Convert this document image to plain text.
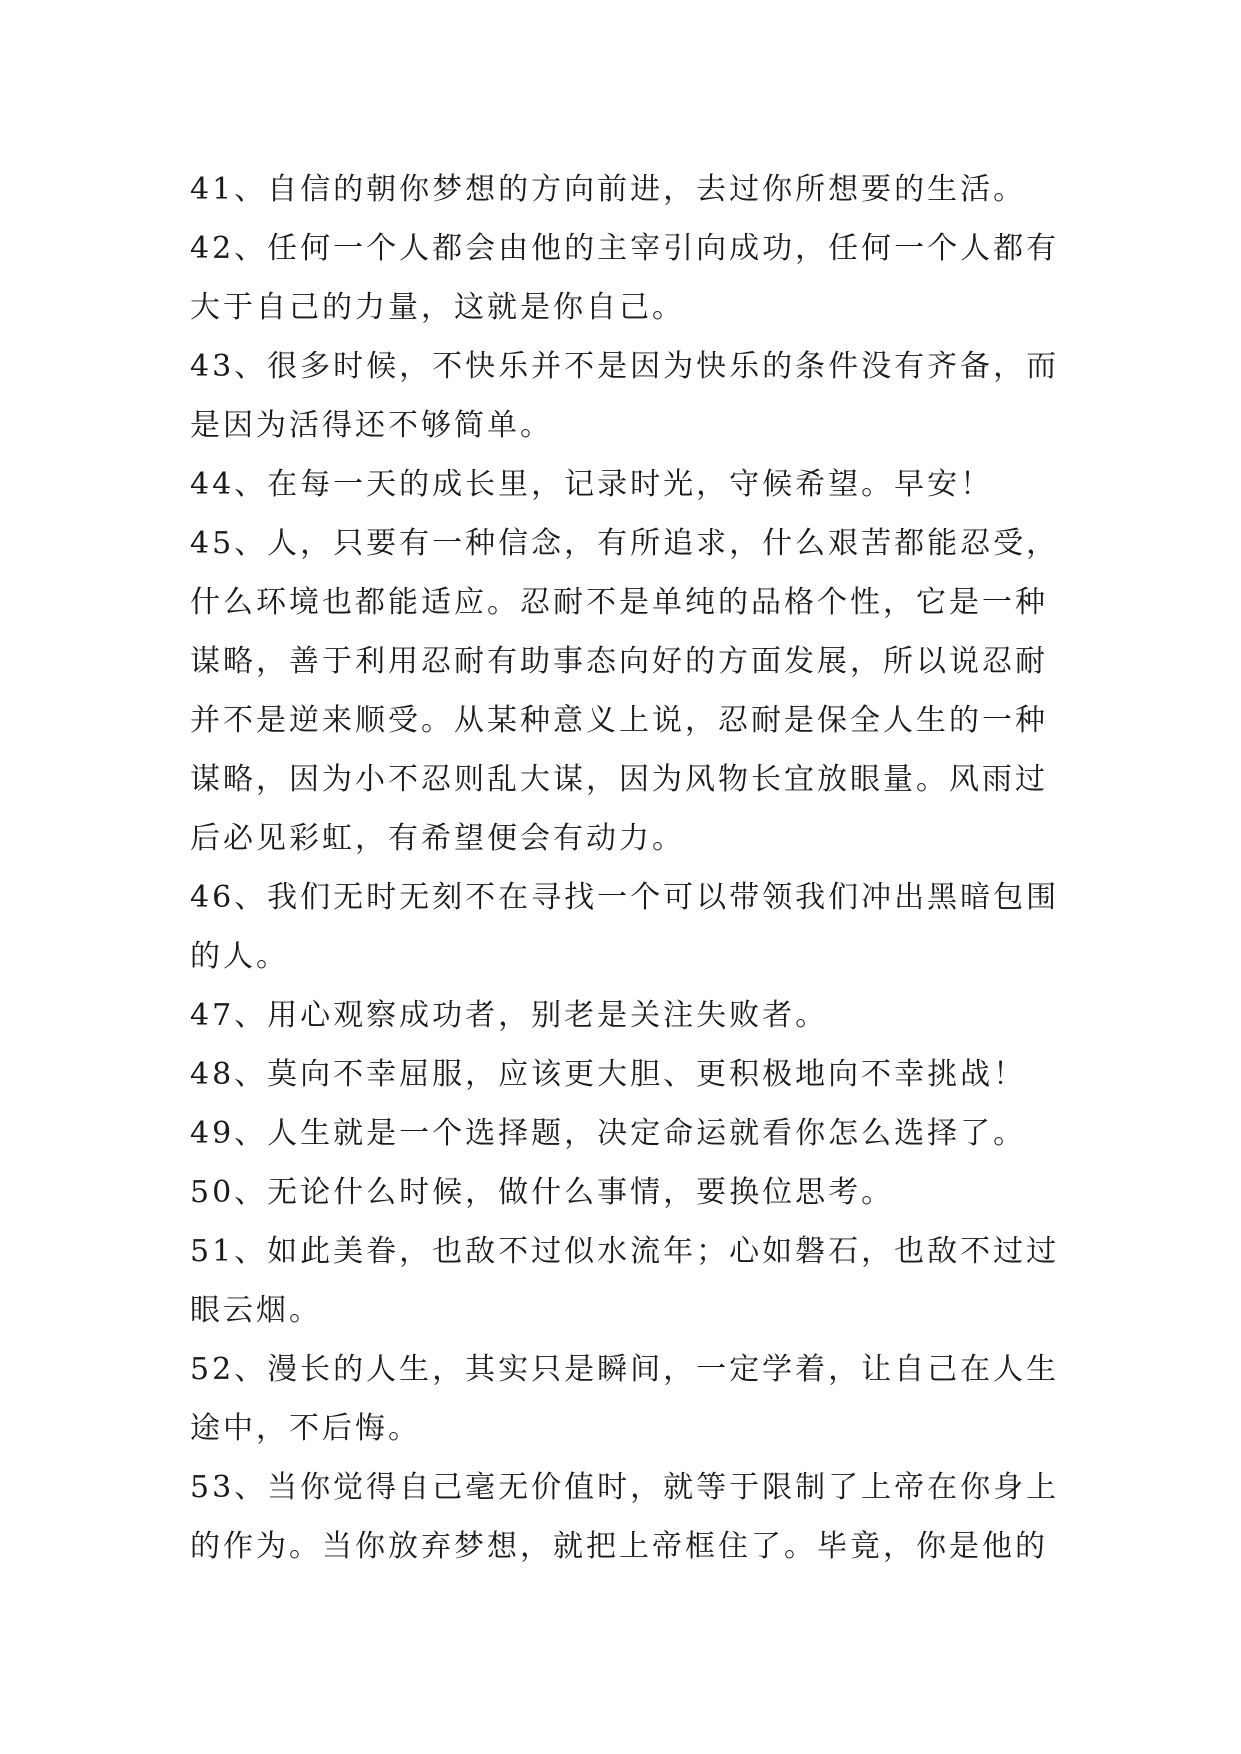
41、自信的朝你梦想的方向前进，去过你所想要的生活。
42、任何一个人都会由他的主宰引向成功，任何一个人都有
大于自己的力量，这就是你自己。
43、很多时候，不快乐并不是因为快乐的条件没有齐备，而
是因为活得还不够简单。
44、在每一天的成长里，记录时光，守候希望。早安！
45、人，只要有一种信念，有所追求，什么艰苦都能忍受，
什么环境也都能适应。忍耐不是单纯的品格个性，它是一种
谋略，善于利用忍耐有助事态向好的方面发展，所以说忍耐
并不是逆来顺受。从某种意义上说，忍耐是保全人生的一种
谋略，因为小不忍则乱大谋，因为风物长宜放眼量。风雨过
后必见彩虹，有希望便会有动力。
46、我们无时无刻不在寻找一个可以带领我们冲出黑暗包围
的人。
47、用心观察成功者，别老是关注失败者。
48、莫向不幸屈服，应该更大胆、更积极地向不幸挑战！
49、人生就是一个选择题，决定命运就看你怎么选择了。
50、无论什么时候，做什么事情，要换位思考。
51、如此美眷，也敌不过似水流年；心如磐石，也敌不过过
眼云烟。
52、漫长的人生，其实只是瞬间，一定学着，让自己在人生
途中，不后悔。
53、当你觉得自己毫无价值时，就等于限制了上帝在你身上
的作为。当你放弃梦想，就把上帝框住了。毕竟，你是他的
